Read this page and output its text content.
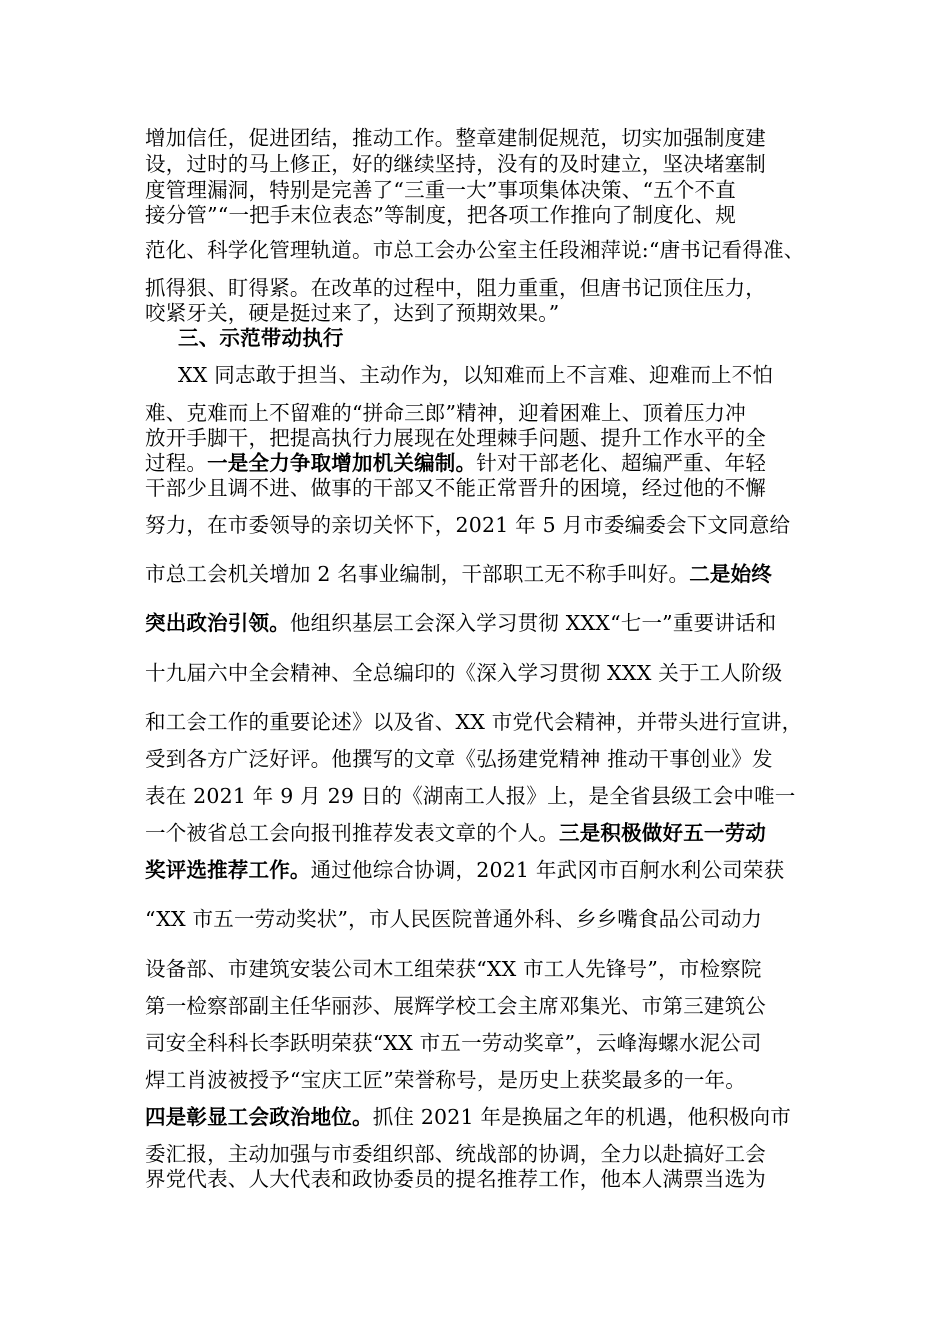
增加信任，促进团结，推动工作。整章建制促规范，切实加强制度建
设，过时的马上修正，好的继续坚持，没有的及时建立，坚决堵塞制
度管理漏洞，特别是完善了“三重一大”事项集体决策、“五个不直
接分管”“一把手末位表态”等制度，把各项工作推向了制度化、规
范化、科学化管理轨道。市总工会办公室主任段湘萍说:“唐书记看得准、
抓得狠、盯得紧。在改革的过程中，阻力重重，但唐书记顶住压力，
咬紧牙关，硬是挺过来了，达到了预期效果。”
三、示范带动执行
XX 同志敢于担当、主动作为，以知难而上不言难、迎难而上不怕
难、克难而上不留难的“拼命三郎”精神，迎着困难上、顶着压力冲
放开手脚干，把提高执行力展现在处理棘手问题、提升工作水平的全
过程。一是全力争取增加机关编制。针对干部老化、超编严重、年轻
干部少且调不进、做事的干部又不能正常晋升的困境，经过他的不懈
努力，在市委领导的亲切关怀下，2021 年 5 月市委编委会下文同意给
市总工会机关增加 2 名事业编制，干部职工无不称手叫好。二是始终
突出政治引领。他组织基层工会深入学习贯彻 XXX“七一”重要讲话和
十九届六中全会精神、全总编印的《深入学习贯彻 XXX 关于工人阶级
和工会工作的重要论述》以及省、XX 市党代会精神，并带头进行宣讲，
受到各方广泛好评。他撰写的文章《弘扬建党精神 推动干事创业》发
表在 2021 年 9 月 29 日的《湖南工人报》上，是全省县级工会中唯一
一个被省总工会向报刊推荐发表文章的个人。三是积极做好五一劳动
奖评选推荐工作。通过他综合协调，2021 年武冈市百舸水利公司荣获
“XX 市五一劳动奖状”，市人民医院普通外科、乡乡嘴食品公司动力
设备部、市建筑安装公司木工组荣获“XX 市工人先锋号”，市检察院
第一检察部副主任华丽莎、展辉学校工会主席邓集光、市第三建筑公
司安全科科长李跃明荣获“XX 市五一劳动奖章”，云峰海螺水泥公司
焊工肖波被授予“宝庆工匠”荣誉称号，是历史上获奖最多的一年。
四是彰显工会政治地位。抓住 2021 年是换届之年的机遇，他积极向市
委汇报，主动加强与市委组织部、统战部的协调，全力以赴搞好工会
界党代表、人大代表和政协委员的提名推荐工作，他本人满票当选为
